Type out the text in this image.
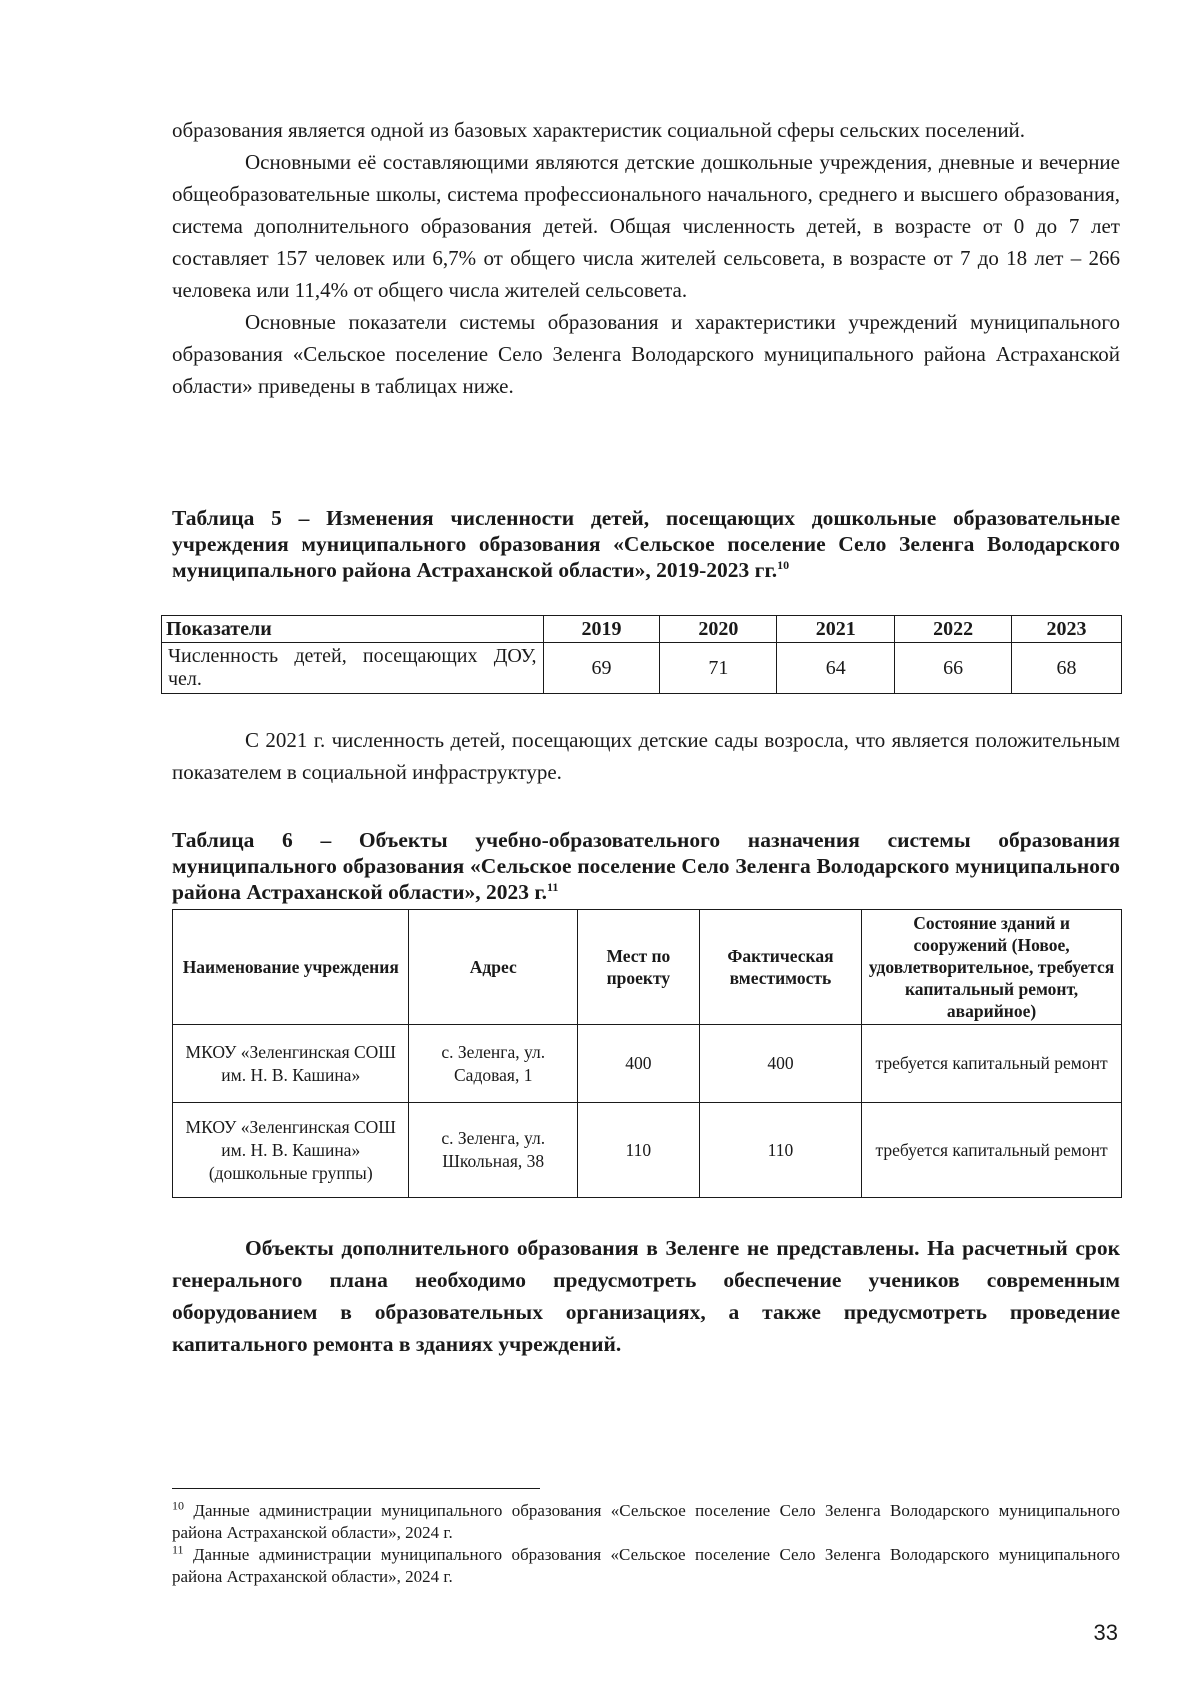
образования является одной из базовых характеристик социальной сферы сельских поселений.

Основными её составляющими являются детские дошкольные учреждения, дневные и вечерние общеобразовательные школы, система профессионального начального, среднего и высшего образования, система дополнительного образования детей. Общая численность детей, в возрасте от 0 до 7 лет составляет 157 человек или 6,7% от общего числа жителей сельсовета, в возрасте от 7 до 18 лет – 266 человека или 11,4% от общего числа жителей сельсовета.

Основные показатели системы образования и характеристики учреждений муниципального образования «Сельское поселение Село Зеленга Володарского муниципального района Астраханской области» приведены в таблицах ниже.

Таблица 5 – Изменения численности детей, посещающих дошкольные образовательные учреждения муниципального образования «Сельское поселение Село Зеленга Володарского муниципального района Астраханской области», 2019-2023 гг.$^{10}$
Показатели	2019	2020	2021	2022	2023
Численность детей, посещающих ДОУ, чел.	69	71	64	66	68
С 2021 г. численность детей, посещающих детские сады возросла, что является положительным показателем в социальной инфраструктуре.
Таблица 6 – Объекты учебно-образовательного назначения системы образования муниципального образования «Сельское поселение Село Зеленга Володарского муниципального района Астраханской области», 2023 г.$^{11}$
Наименование учреждения	Адрес	Мест по проекту	Фактическая вместимость	Состояние зданий и сооружений (Новое, удовлетворительное, требуется капитальный ремонт, аварийное)
МКОУ «Зеленгинская СОШ им. Н. В. Кашина»	с. Зеленга, ул. Садовая, 1	400	400	требуется капитальный ремонт
МКОУ «Зеленгинская СОШ им. Н. В. Кашина» (дошкольные группы)	с. Зеленга, ул. Школьная, 38	110	110	требуется капитальный ремонт
Объекты дополнительного образования в Зеленге не представлены. На расчетный срок генерального плана необходимо предусмотреть обеспечение учеников современным оборудованием в образовательных организациях, а также предусмотреть проведение капитального ремонта в зданиях учреждений.

$^{10}$ Данные администрации муниципального образования «Сельское поселение Село Зеленга Володарского муниципального района Астраханской области», 2024 г.

$^{11}$ Данные администрации муниципального образования «Сельское поселение Село Зеленга Володарского муниципального района Астраханской области», 2024 г.

33
